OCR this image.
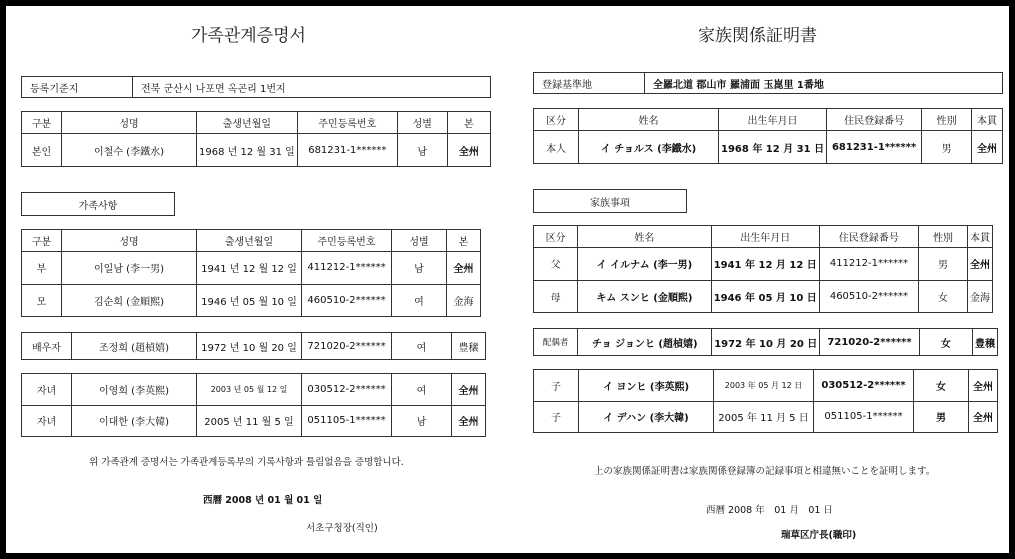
가족관계증명서
등록기준지	전북 군산시 나포면 옥곤리 1번지
구분	성명	출생년월일	주민등록번호	성별	본
본인	이철수 (李鐵水)	1968 년 12 월 31 일	681231-1******	남	全州
가족사항
구분	성명	출생년월일	주민등록번호	성별	본
부	이일남 (李一男)	1941 년 12 월 12 일	411212-1******	남	全州
모	김순희 (金順熙)	1946 년 05 월 10 일	460510-2******	여	金海
배우자	조정희 (趙楨嬉)	1972 년 10 월 20 일	721020-2******	여	豊穣
자녀	이영희 (李英熙)	2003 년 05 월 12 일	030512-2******	여	全州
자녀	이대한 (李大韓)	2005 년 11 월 5 일	051105-1******	남	全州
위 가족관계 증명서는 가족관계등록부의 기록사항과 틀림없음을 증명합니다.
西曆 2008 년 01 월 01 일
서초구청장(직인)
家族関係証明書
登録基準地	全羅北道 郡山市 羅浦面 玉崑里 1番地
区分	姓名	出生年月日	住民登録番号	性別	本貫
本人	イ チョルス (李鐵水)	1968 年 12 月 31 日	681231-1******	男	全州
家族事項
区分	姓名	出生年月日	住民登録番号	性別	本貫
父	イ イルナム (李一男)	1941 年 12 月 12 日	411212-1******	男	全州
母	キム スンヒ (金順熙)	1946 年 05 月 10 日	460510-2******	女	金海
配偶者	チョ ジョンヒ (趙楨嬉)	1972 年 10 月 20 日	721020-2******	女	豊穣
子	イ ヨンヒ (李英熙)	2003 年 05 月 12 日	030512-2******	女	全州
子	イ デハン (李大韓)	2005 年 11 月 5 日	051105-1******	男	全州
上の家族関係証明書は家族関係登録簿の記録事項と相違無いことを証明します。
西曆 2008 年　01 月　01 日
瑞草区庁長(職印)
